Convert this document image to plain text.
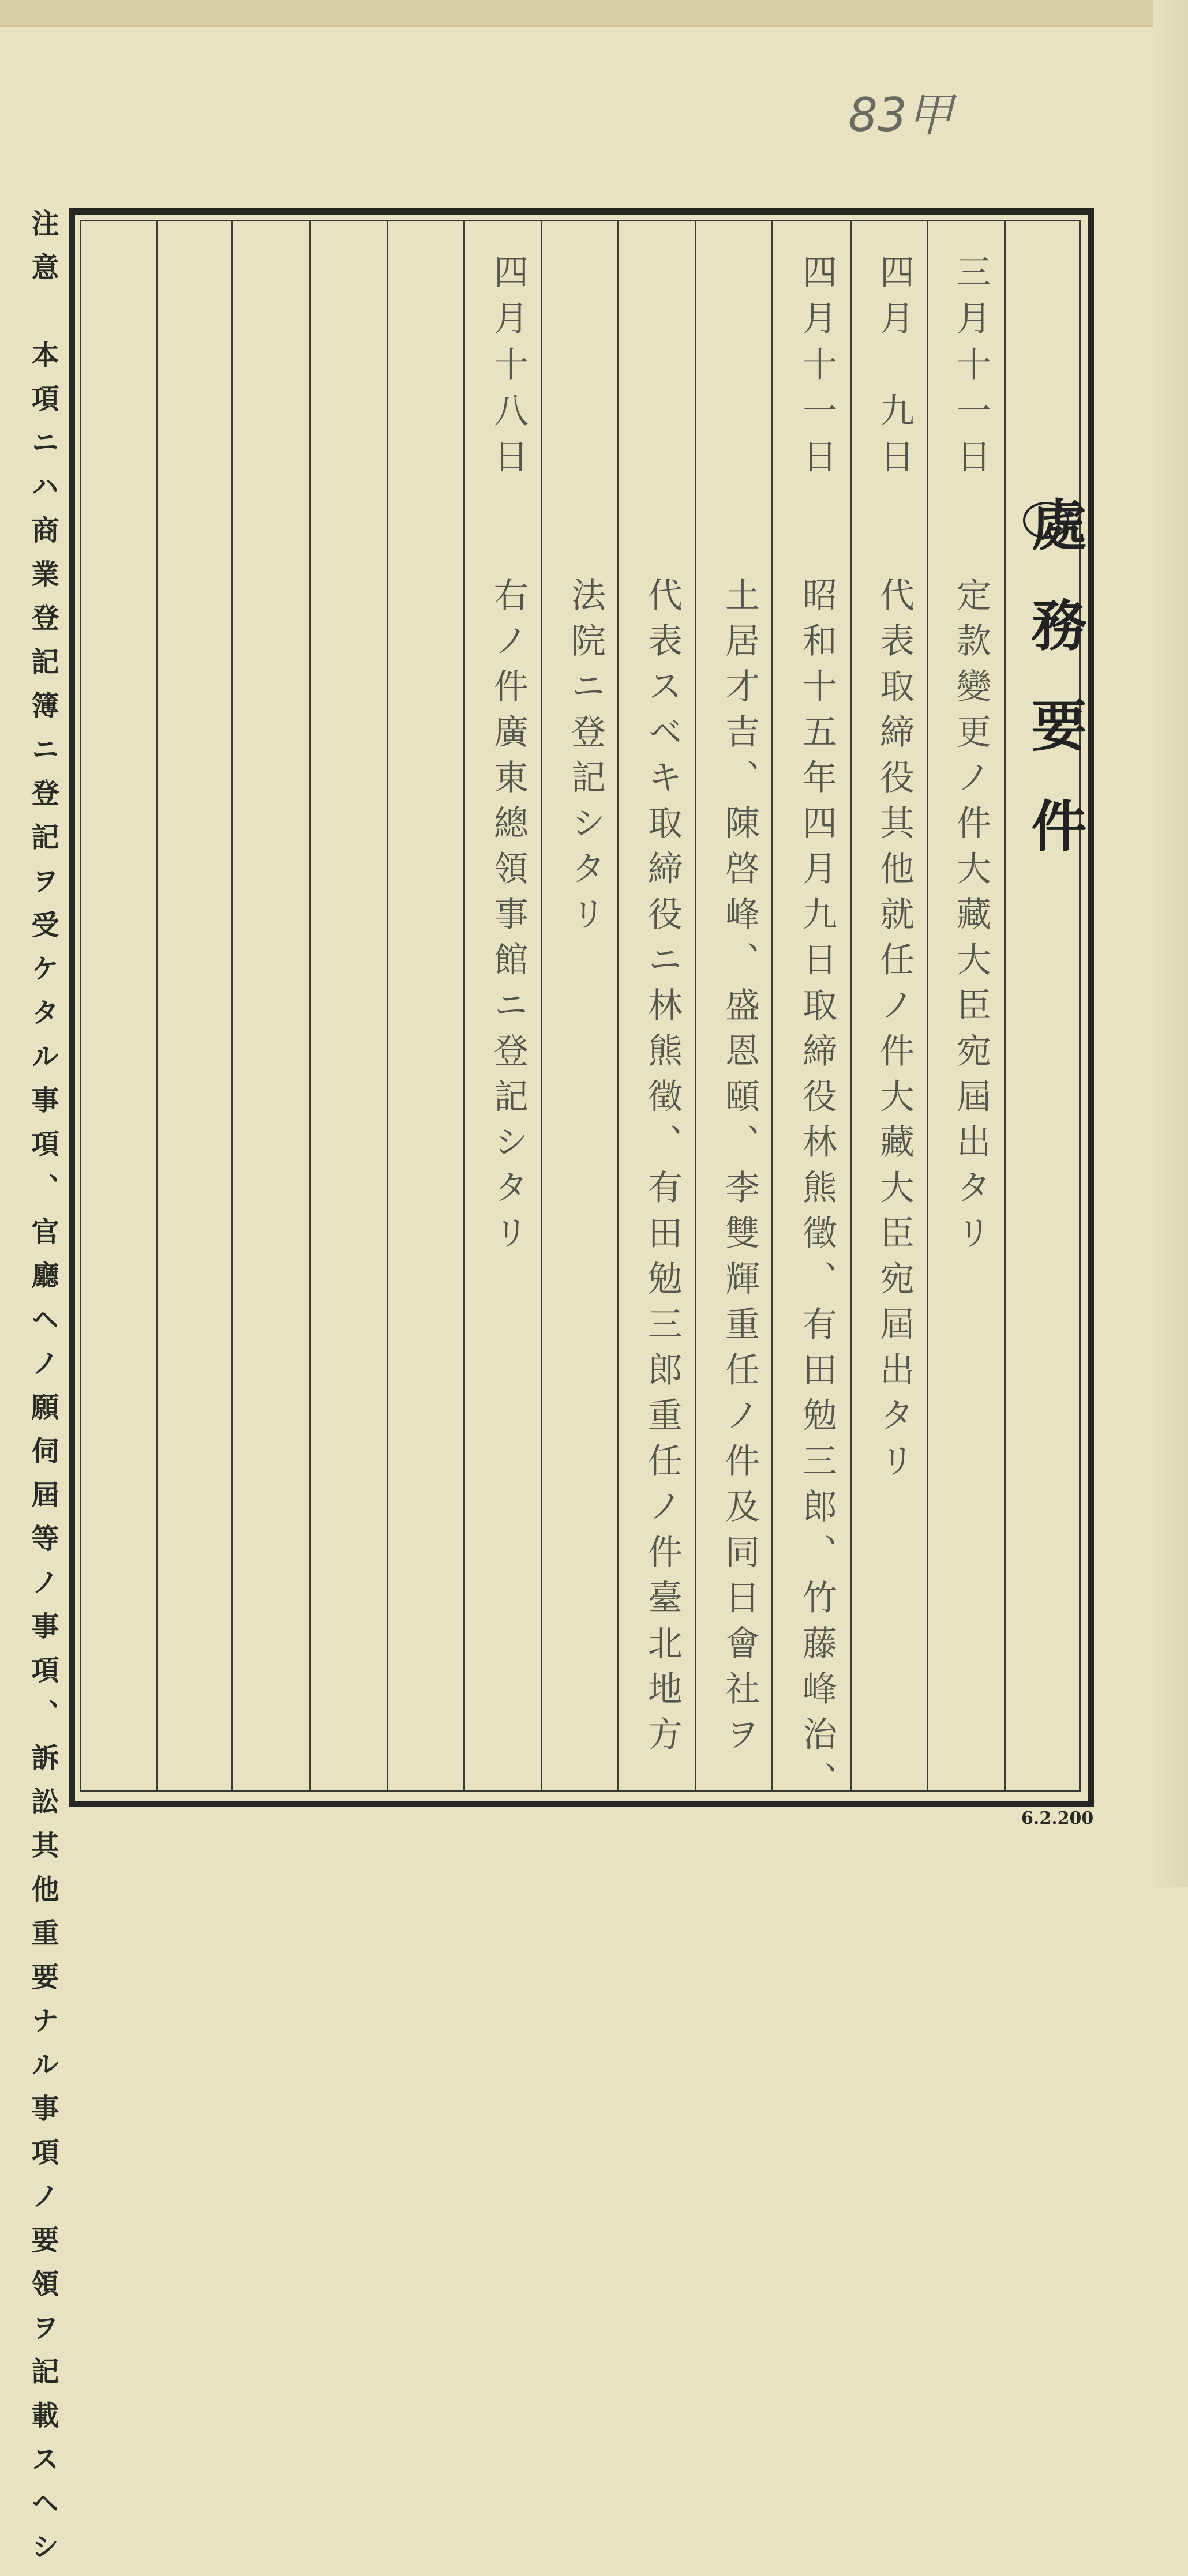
83甲
注意　本項ニハ商業登記簿ニ登記ヲ受ケタル事項、官廳ヘノ願伺屆等ノ事項、訴訟其他重要ナル事項ノ要領ヲ記載スヘシ	處務要件
三月十一日
定款變更ノ件大藏大臣宛屆出タリ
四月　九日
代表取締役其他就任ノ件大藏大臣宛屆出タリ
四月十一日
昭和十五年四月九日取締役林熊徵、有田勉三郎、竹藤峰治、
土居才吉、陳啓峰、盛恩頤、李雙輝重任ノ件及同日會社ヲ
代表スベキ取締役ニ林熊徵、有田勉三郎重任ノ件臺北地方
法院ニ登記シタリ
四月十八日
右ノ件廣東總領事館ニ登記シタリ
6.2.200
